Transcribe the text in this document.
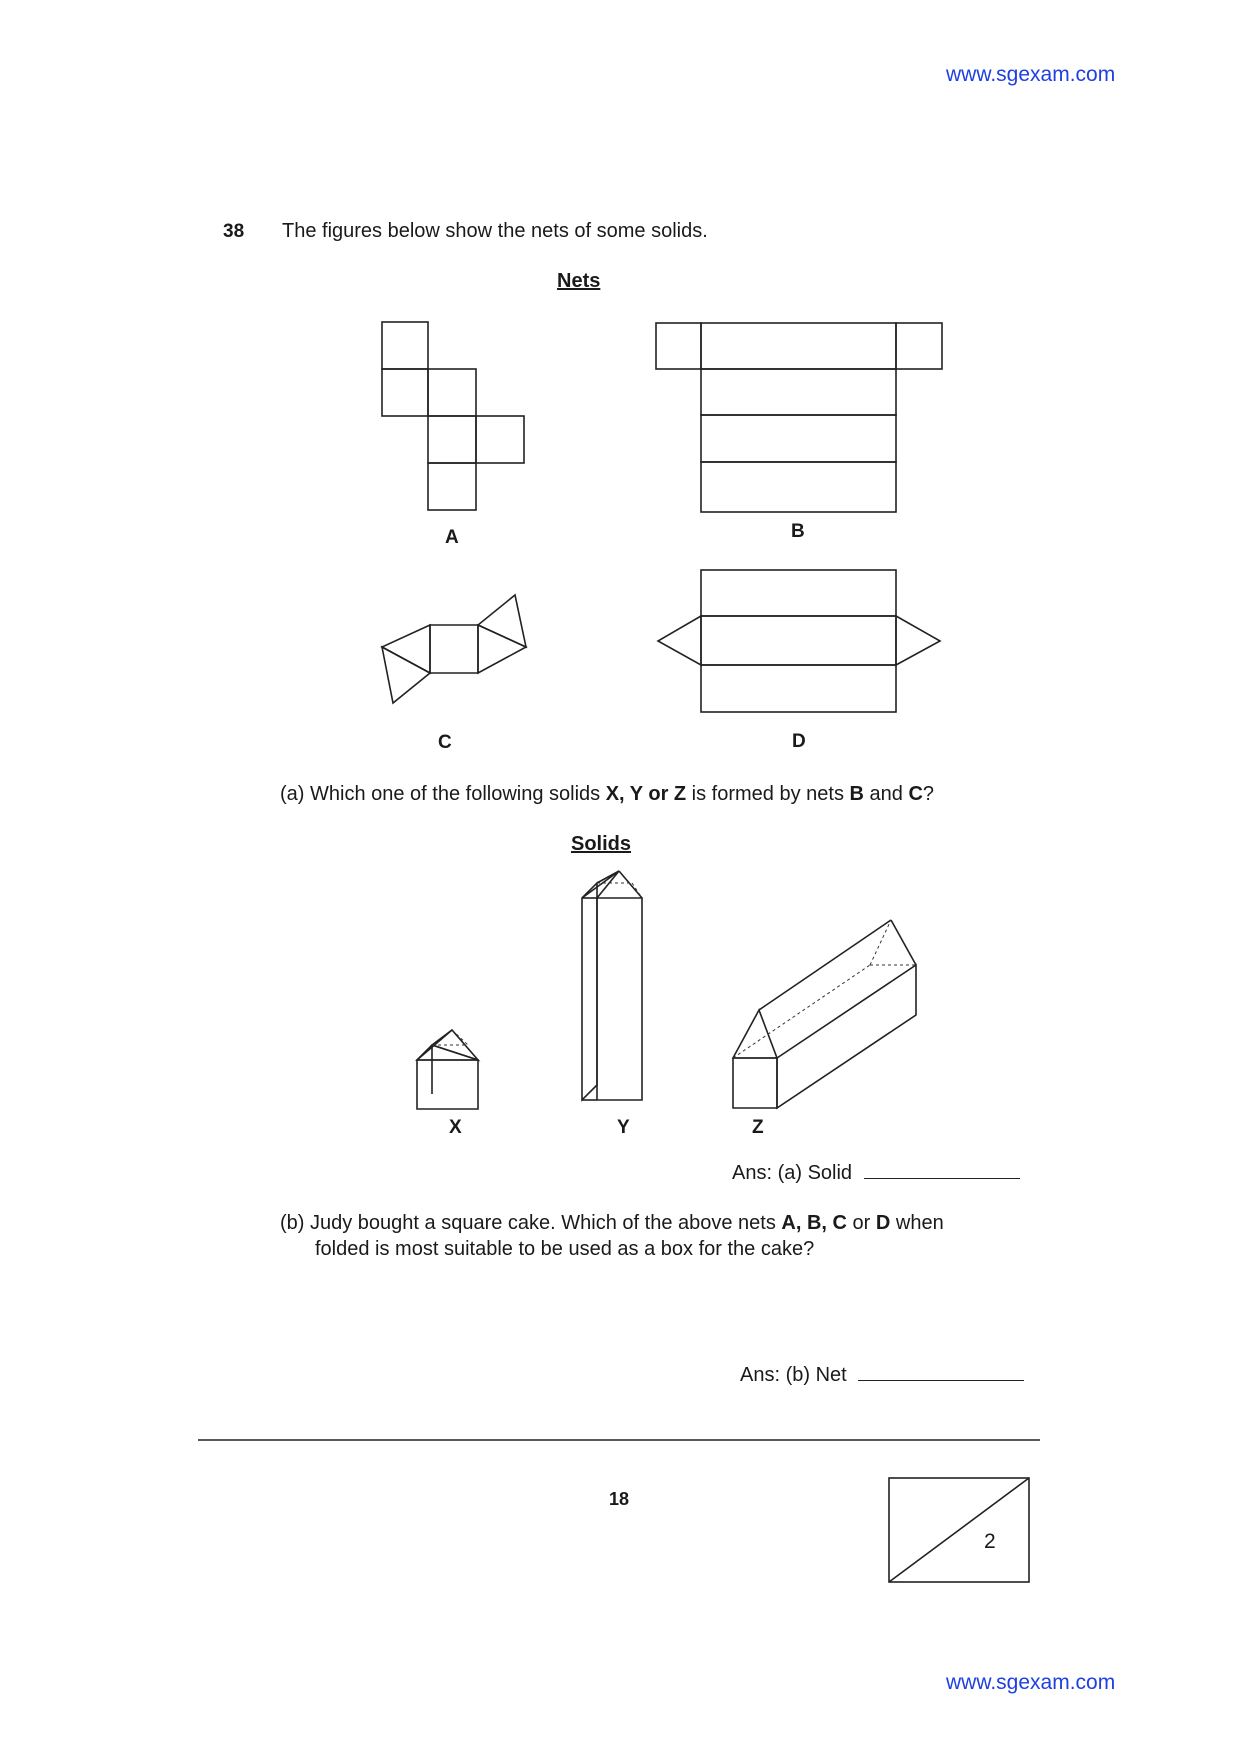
www.sgexam.com
38 The figures below show the nets of some solids.
Nets
A	B
C	D
(a) Which one of the following solids X, Y or Z is formed by nets B and C?
Solids
X	Y	Z
Ans: (a) Solid
(b) Judy bought a square cake. Which of the above nets A, B, C or D when
folded is most suitable to be used as a box for the cake?
Ans: (b) Net
18
2
www.sgexam.com
